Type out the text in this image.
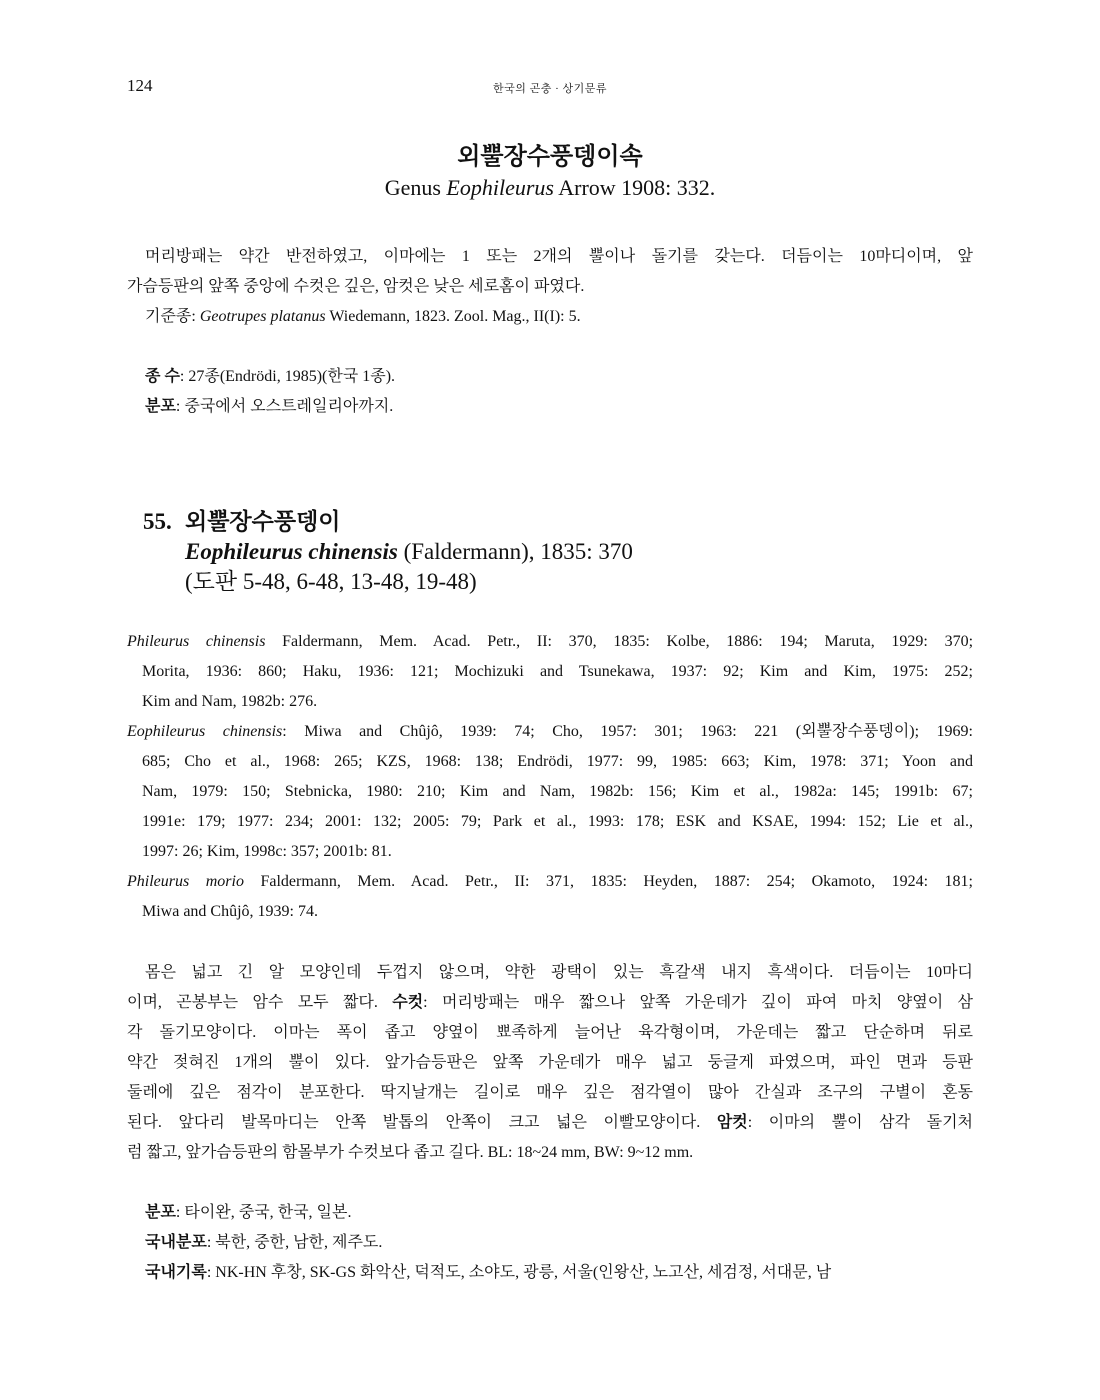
124	한국의 곤충 · 상기문류
외뿔장수풍뎅이속
Genus Eophileurus Arrow 1908: 332.

머리방패는 약간 반전하였고, 이마에는 1 또는 2개의 뿔이나 돌기를 갖는다. 더듬이는 10마디이며, 앞

가슴등판의 앞쪽 중앙에 수컷은 깊은, 암컷은 낮은 세로홈이 파였다.

기준종: Geotrupes platanus Wiedemann, 1823. Zool. Mag., II(I): 5.

종 수: 27종(Endrödi, 1985)(한국 1종).
분포: 중국에서 오스트레일리아까지.
55. 외뿔장수풍뎅이
Eophileurus chinensis (Faldermann), 1835: 370
(도판 5-48, 6-48, 13-48, 19-48)

Philеurus chinensis Faldermann, Mem. Acad. Petr., II: 370, 1835: Kolbe, 1886: 194; Maruta, 1929: 370;

Morita, 1936: 860; Haku, 1936: 121; Mochizuki and Tsunekawa, 1937: 92; Kim and Kim, 1975: 252;

Kim and Nam, 1982b: 276.

Eophileurus chinensis: Miwa and Chûjô, 1939: 74; Cho, 1957: 301; 1963: 221 (외뿔장수풍뎅이); 1969:

685; Cho et al., 1968: 265; KZS, 1968: 138; Endrödi, 1977: 99, 1985: 663; Kim, 1978: 371; Yoon and

Nam, 1979: 150; Stebnicka, 1980: 210; Kim and Nam, 1982b: 156; Kim et al., 1982a: 145; 1991b: 67;

1991e: 179; 1977: 234; 2001: 132; 2005: 79; Park et al., 1993: 178; ESK and KSAE, 1994: 152; Lie et al.,

1997: 26; Kim, 1998c: 357; 2001b: 81.

Philеurus morio Faldermann, Mem. Acad. Petr., II: 371, 1835: Heyden, 1887: 254; Okamoto, 1924: 181;

Miwa and Chûjô, 1939: 74.

몸은 넓고 긴 알 모양인데 두껍지 않으며, 약한 광택이 있는 흑갈색 내지 흑색이다. 더듬이는 10마디

이며, 곤봉부는 암수 모두 짧다. 수컷: 머리방패는 매우 짧으나 앞쪽 가운데가 깊이 파여 마치 양옆이 삼

각 돌기모양이다. 이마는 폭이 좁고 양옆이 뾰족하게 늘어난 육각형이며, 가운데는 짧고 단순하며 뒤로

약간 젖혀진 1개의 뿔이 있다. 앞가슴등판은 앞쪽 가운데가 매우 넓고 둥글게 파였으며, 파인 면과 등판

둘레에 깊은 점각이 분포한다. 딱지날개는 길이로 매우 깊은 점각열이 많아 간실과 조구의 구별이 혼동

된다. 앞다리 발목마디는 안쪽 발톱의 안쪽이 크고 넓은 이빨모양이다. 암컷: 이마의 뿔이 삼각 돌기처

럼 짧고, 앞가슴등판의 함몰부가 수컷보다 좁고 길다. BL: 18~24 mm, BW: 9~12 mm.

분포: 타이완, 중국, 한국, 일본.
국내분포: 북한, 중한, 남한, 제주도.
국내기록: NK-HN 후창, SK-GS 화악산, 덕적도, 소야도, 광릉, 서울(인왕산, 노고산, 세검정, 서대문, 남
